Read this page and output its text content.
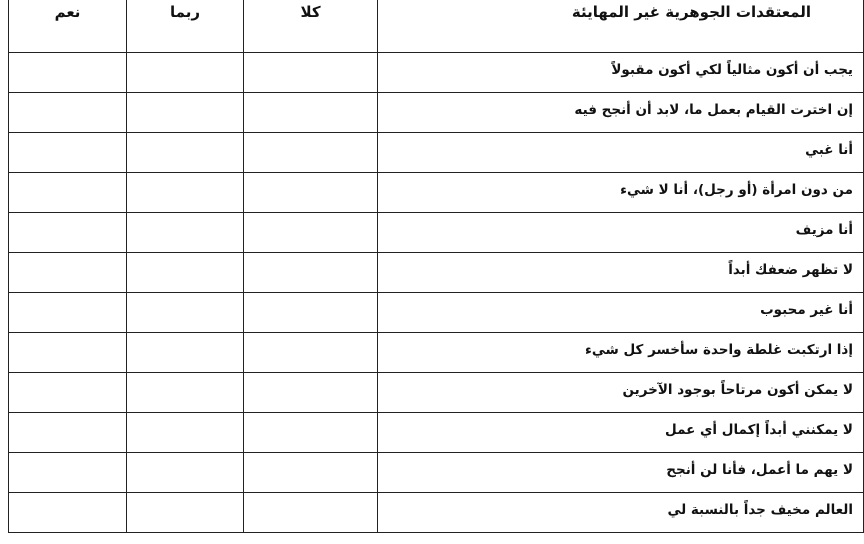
المعتقدات الجوهرية غير المهايئة	كلا	ربما	نعم
يجب أن أكون مثالياً لكي أكون مقبولاً			
إن اخترت القيام بعمل ما، لابد أن أنجح فيه			
أنا غبي			
من دون امرأة (أو رجل)، أنا لا شيء			
أنا مزيف			
لا تظهر ضعفك أبداً			
أنا غير محبوب			
إذا ارتكبت غلطة واحدة سأخسر كل شيء			
لا يمكن أكون مرتاحاً بوجود الآخرين			
لا يمكنني أبداً إكمال أي عمل			
لا يهم ما أعمل، فأنا لن أنجح			
العالم مخيف جداً بالنسبة لي			
